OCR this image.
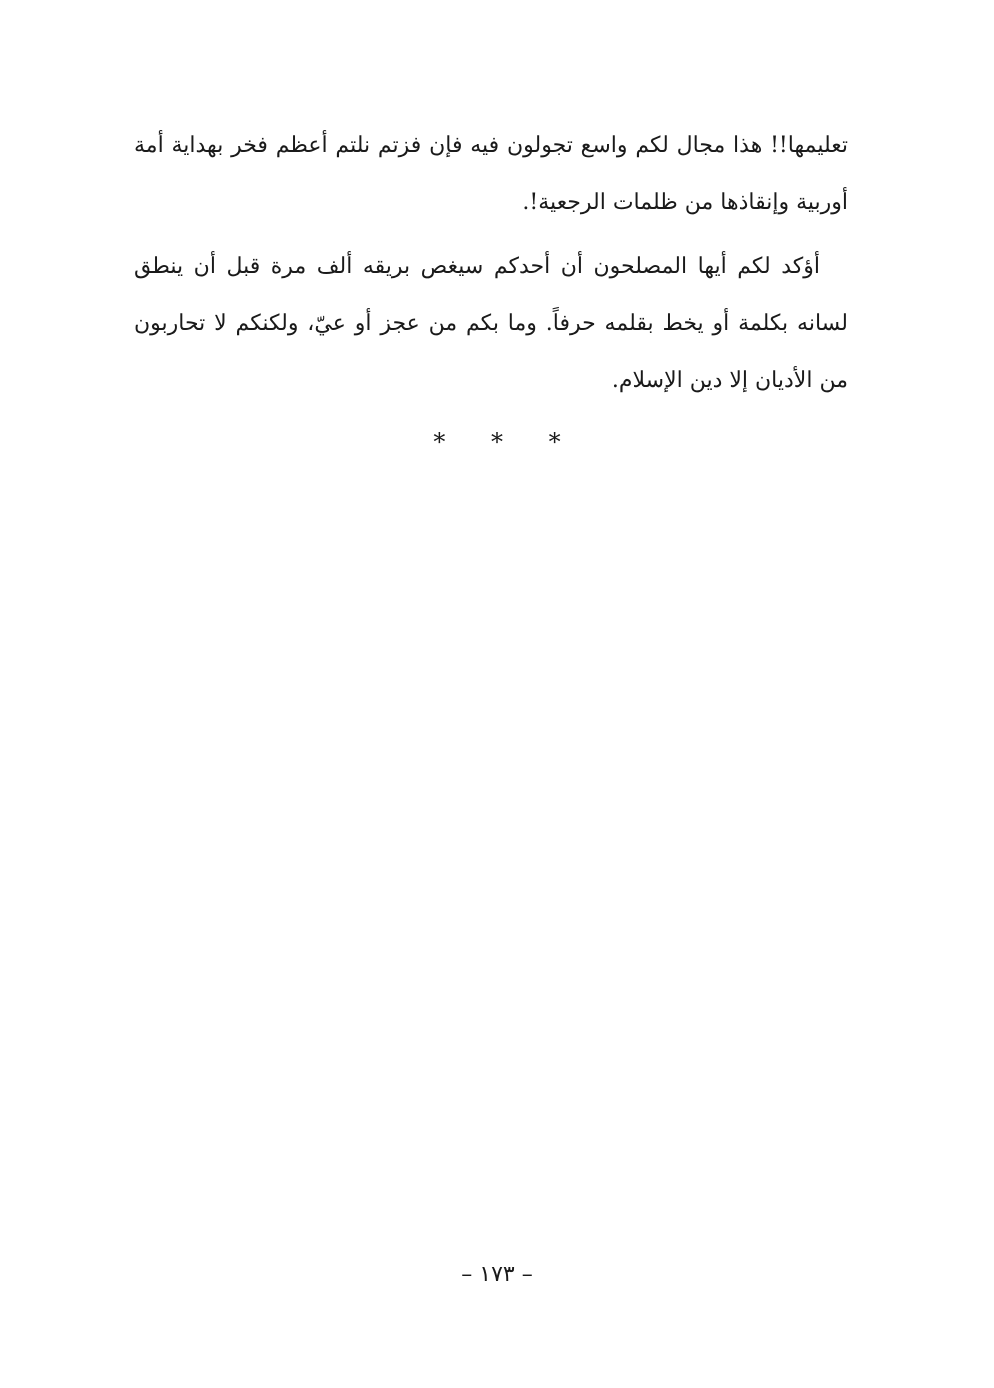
تعليمها!! هذا مجال لكم واسع تجولون فيه فإن فزتم نلتم أعظم فخر بهداية أمة أوربية وإنقاذها من ظلمات الرجعية!.

أؤكد لكم أيها المصلحون أن أحدكم سيغص بريقه ألف مرة قبل أن ينطق لسانه بكلمة أو يخط بقلمه حرفاً. وما بكم من عجز أو عيّ، ولكنكم لا تحاربون من الأديان إلا دين الإسلام.

* * *
– ١٧٣ –
